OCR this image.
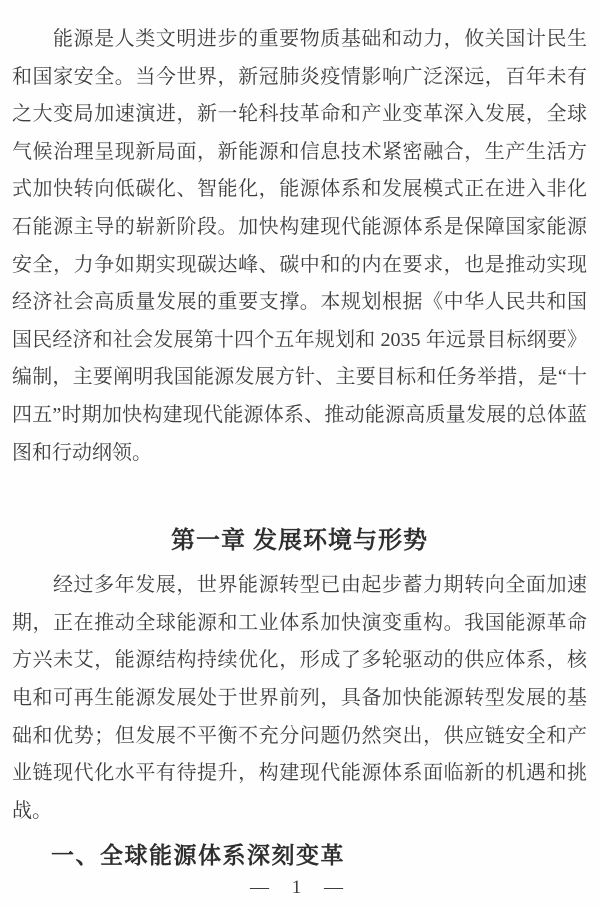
能源是人类文明进步的重要物质基础和动力，攸关国计民生
和国家安全。当今世界，新冠肺炎疫情影响广泛深远，百年未有
之大变局加速演进，新一轮科技革命和产业变革深入发展，全球
气候治理呈现新局面，新能源和信息技术紧密融合，生产生活方
式加快转向低碳化、智能化，能源体系和发展模式正在进入非化
石能源主导的崭新阶段。加快构建现代能源体系是保障国家能源
安全，力争如期实现碳达峰、碳中和的内在要求，也是推动实现
经济社会高质量发展的重要支撑。本规划根据《中华人民共和国
国民经济和社会发展第十四个五年规划和 2035 年远景目标纲要》
编制，主要阐明我国能源发展方针、主要目标和任务举措，是“十
四五”时期加快构建现代能源体系、推动能源高质量发展的总体蓝
图和行动纲领。
第一章 发展环境与形势
经过多年发展，世界能源转型已由起步蓄力期转向全面加速
期，正在推动全球能源和工业体系加快演变重构。我国能源革命
方兴未艾，能源结构持续优化，形成了多轮驱动的供应体系，核
电和可再生能源发展处于世界前列，具备加快能源转型发展的基
础和优势；但发展不平衡不充分问题仍然突出，供应链安全和产
业链现代化水平有待提升，构建现代能源体系面临新的机遇和挑
战。
一、全球能源体系深刻变革
— 1 —
